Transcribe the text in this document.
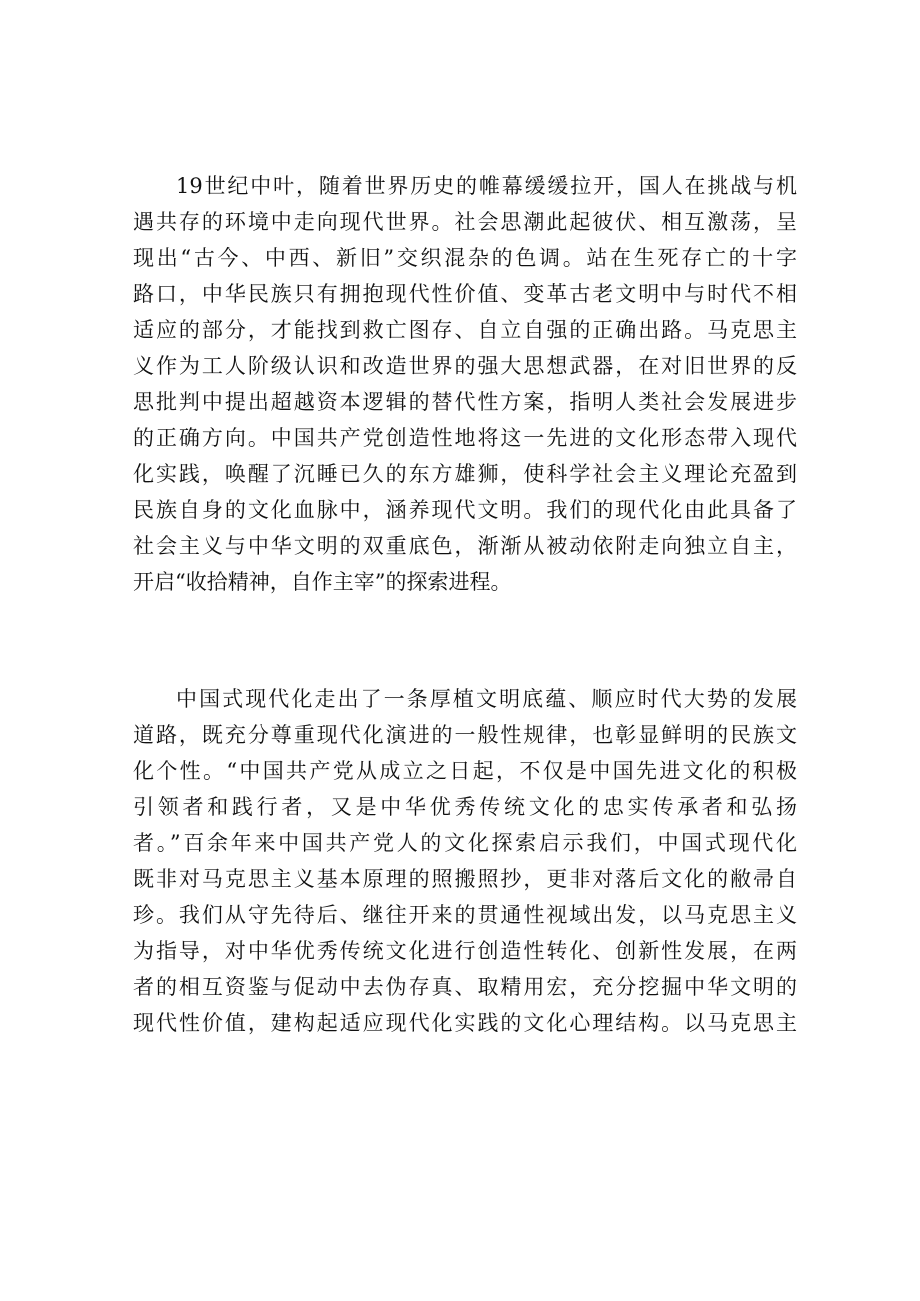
19世纪中叶，随着世界历史的帷幕缓缓拉开，国人在挑战与机
遇共存的环境中走向现代世界。社会思潮此起彼伏、相互激荡，呈
现出“古今、中西、新旧”交织混杂的色调。站在生死存亡的十字
路口，中华民族只有拥抱现代性价值、变革古老文明中与时代不相
适应的部分，才能找到救亡图存、自立自强的正确出路。马克思主
义作为工人阶级认识和改造世界的强大思想武器，在对旧世界的反
思批判中提出超越资本逻辑的替代性方案，指明人类社会发展进步
的正确方向。中国共产党创造性地将这一先进的文化形态带入现代
化实践，唤醒了沉睡已久的东方雄狮，使科学社会主义理论充盈到
民族自身的文化血脉中，涵养现代文明。我们的现代化由此具备了
社会主义与中华文明的双重底色，渐渐从被动依附走向独立自主，
开启“收拾精神，自作主宰”的探索进程。
中国式现代化走出了一条厚植文明底蕴、顺应时代大势的发展
道路，既充分尊重现代化演进的一般性规律，也彰显鲜明的民族文
化个性。“中国共产党从成立之日起，不仅是中国先进文化的积极
引领者和践行者，又是中华优秀传统文化的忠实传承者和弘扬
者。”百余年来中国共产党人的文化探索启示我们，中国式现代化
既非对马克思主义基本原理的照搬照抄，更非对落后文化的敝帚自
珍。我们从守先待后、继往开来的贯通性视域出发，以马克思主义
为指导，对中华优秀传统文化进行创造性转化、创新性发展，在两
者的相互资鉴与促动中去伪存真、取精用宏，充分挖掘中华文明的
现代性价值，建构起适应现代化实践的文化心理结构。以马克思主
